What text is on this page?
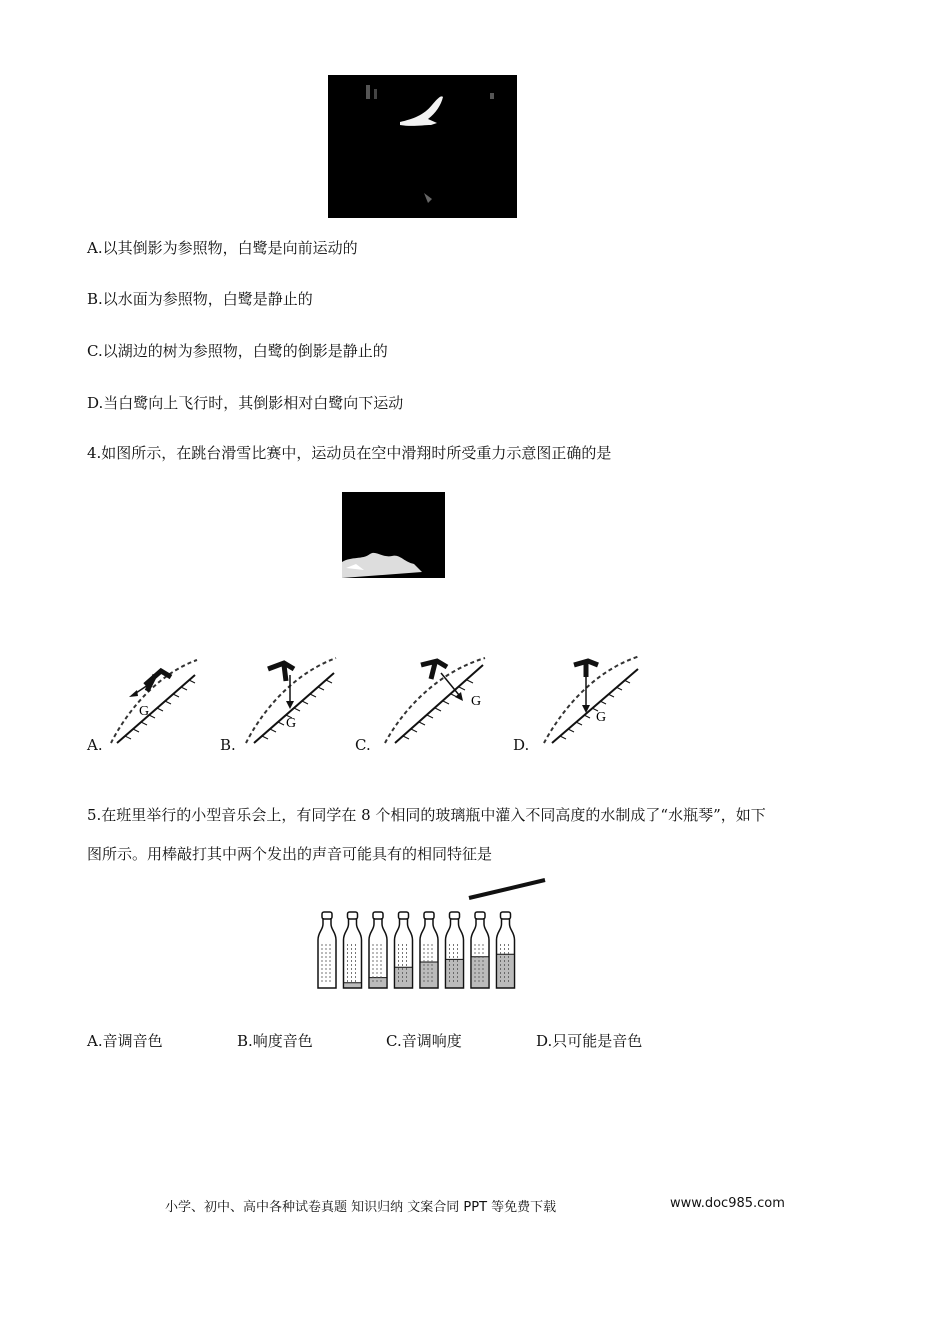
A.以其倒影为参照物，白鹭是向前运动的
B.以水面为参照物，白鹭是静止的
C.以湖边的树为参照物，白鹭的倒影是静止的
D.当白鹭向上飞行时，其倒影相对白鹭向下运动
4.如图所示，在跳台滑雪比赛中，运动员在空中滑翔时所受重力示意图正确的是
G
G
G
G
A.	B.	C.	D.
5.在班里举行的小型音乐会上，有同学在 8 个相同的玻璃瓶中灌入不同高度的水制成了“水瓶琴”，如下
图所示。用棒敲打其中两个发出的声音可能具有的相同特征是
A.音调音色	B.响度音色	C.音调响度	D.只可能是音色
小学、初中、高中各种试卷真题 知识归纳 文案合同 PPT 等免费下载	www.doc985.com
